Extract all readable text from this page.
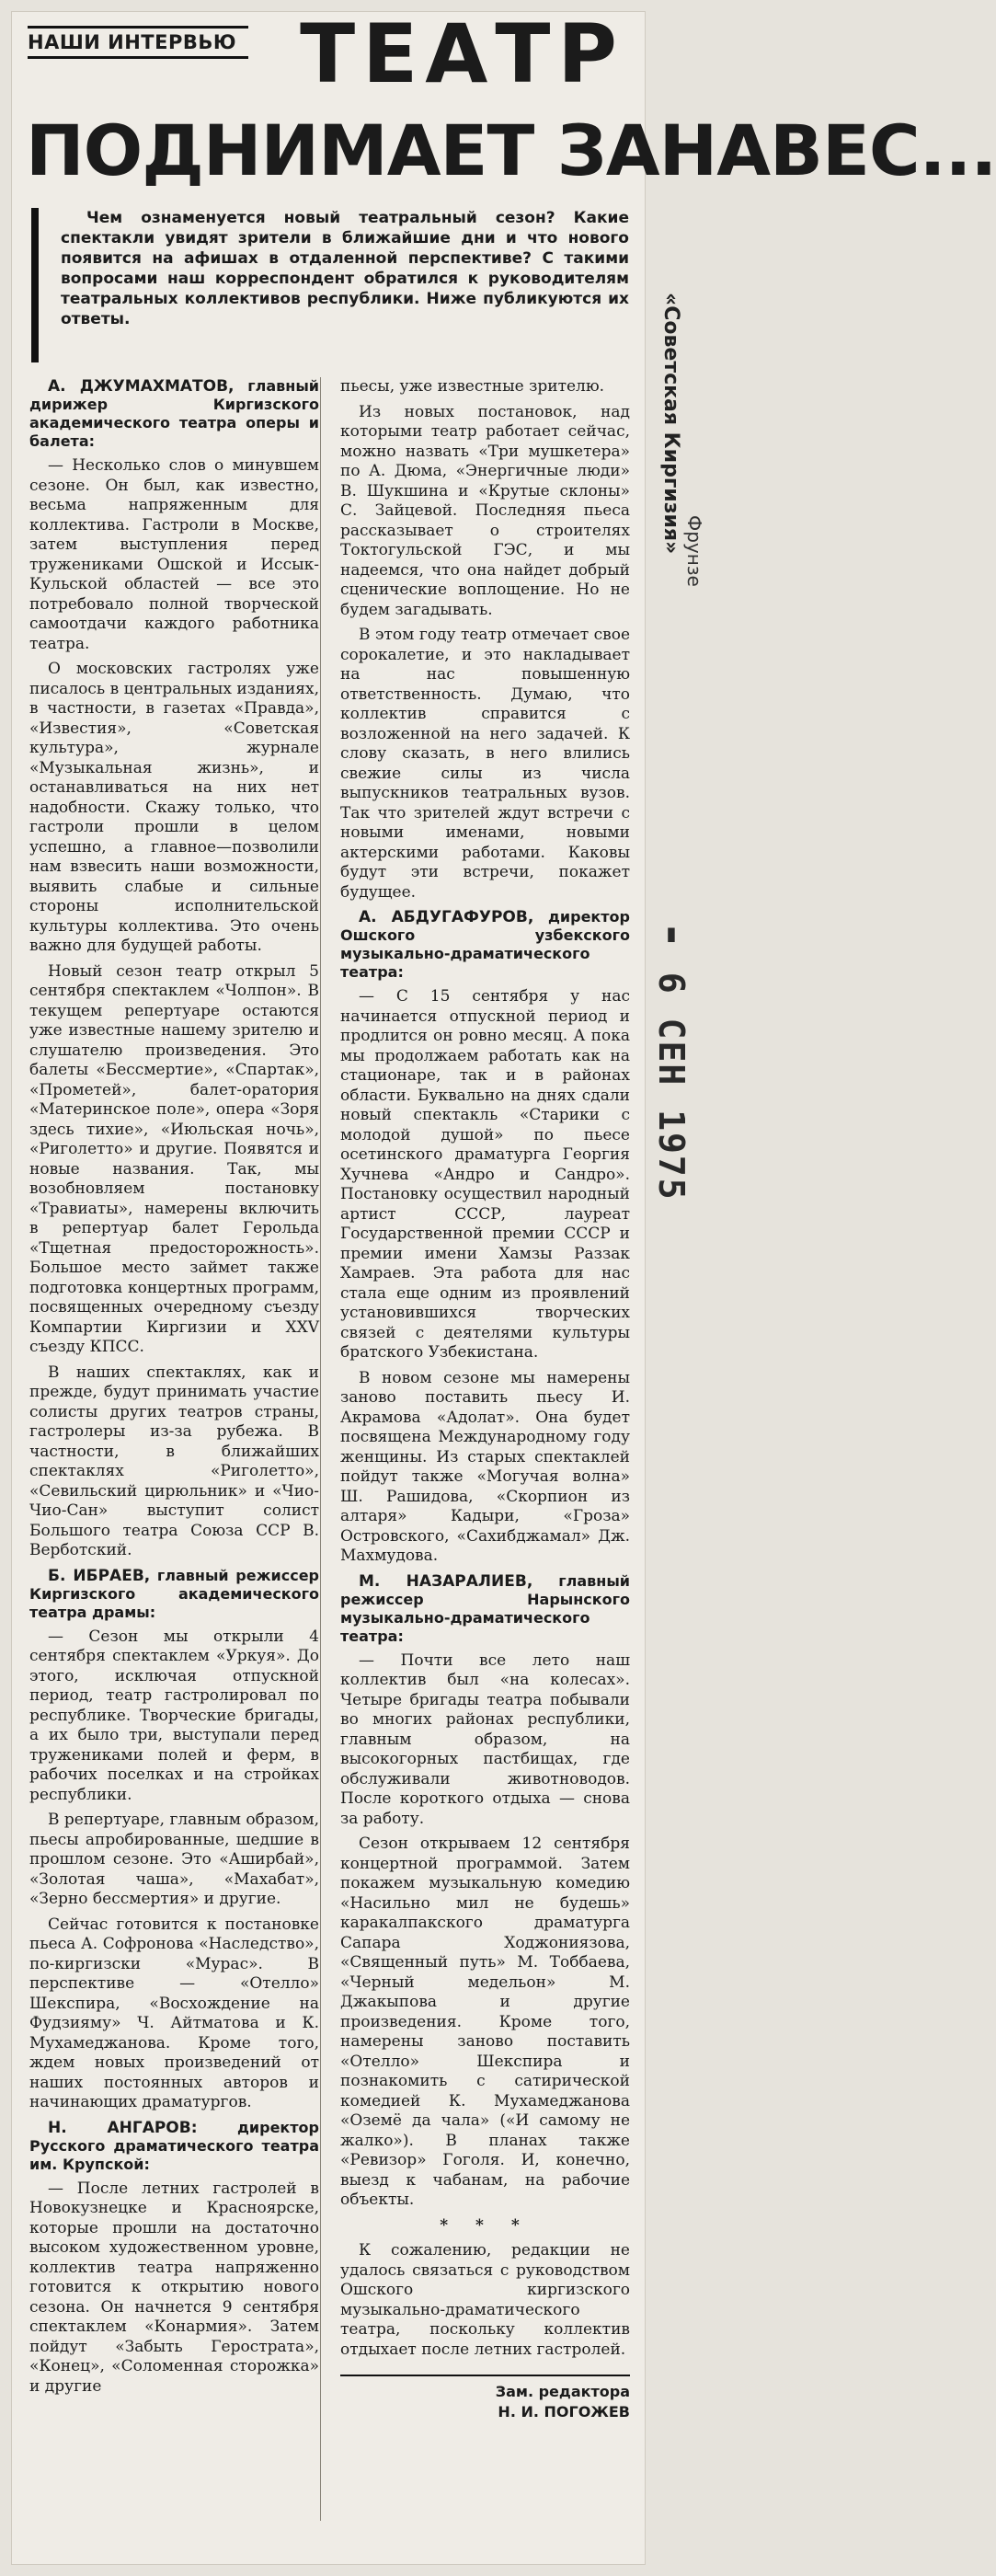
НАШИ ИНТЕРВЬЮ ТЕАТР
ПОДНИМАЕТ ЗАНАВЕС...

Чем ознаменуется новый театральный сезон? Какие спектакли увидят зрители в ближайшие дни и что нового появится на афишах в отдаленной перспективе? С такими вопросами наш корреспондент обратился к руководителям театральных коллективов республики. Ниже публикуются их ответы.

А. ДЖУМАХМАТОВ, главный дирижер Киргизского академического театра оперы и балета:

— Несколько слов о минувшем сезоне. Он был, как известно, весьма напряженным для коллектива. Гастроли в Москве, затем выступления перед тружениками Ошской и Иссык-Кульской областей — все это потребовало полной творческой самоотдачи каждого работника театра.

О московских гастролях уже писалось в центральных изданиях, в частности, в газетах «Правда», «Известия», «Советская культура», журнале «Музыкальная жизнь», и останавливаться на них нет надобности. Скажу только, что гастроли прошли в целом успешно, а главное—позволили нам взвесить наши возможности, выявить слабые и сильные стороны исполнительской культуры коллектива. Это очень важно для будущей работы.

Новый сезон театр открыл 5 сентября спектаклем «Чолпон». В текущем репертуаре остаются уже известные нашему зрителю и слушателю произведения. Это балеты «Бессмертие», «Спартак», «Прометей», балет-оратория «Материнское поле», опера «Зоря здесь тихие», «Июльская ночь», «Риголетто» и другие. Появятся и новые названия. Так, мы возобновляем постановку «Травиаты», намерены включить в репертуар балет Герольда «Тщетная предосторожность». Большое место займет также подготовка концертных программ, посвященных очередному съезду Компартии Киргизии и XXV съезду КПСС.

В наших спектаклях, как и прежде, будут принимать участие солисты других театров страны, гастролеры из-за рубежа. В частности, в ближайших спектаклях «Риголетто», «Севильский цирюльник» и «Чио-Чио-Сан» выступит солист Большого театра Союза ССР В. Верботский.

Б. ИБРАЕВ, главный режиссер Киргизского академического театра драмы:

— Сезон мы открыли 4 сентября спектаклем «Уркуя». До этого, исключая отпускной период, театр гастролировал по республике. Творческие бригады, а их было три, выступали перед тружениками полей и ферм, в рабочих поселках и на стройках республики.

В репертуаре, главным образом, пьесы апробированные, шедшие в прошлом сезоне. Это «Аширбай», «Золотая чаша», «Махабат», «Зерно бессмертия» и другие.

Сейчас готовится к постановке пьеса А. Софронова «Наследство», по-киргизски «Мурас». В перспективе — «Отелло» Шекспира, «Восхождение на Фудзияму» Ч. Айтматова и К. Мухамеджанова. Кроме того, ждем новых произведений от наших постоянных авторов и начинающих драматургов.

Н. АНГАРОВ:	директор Русского драматического театра им. Крупской:

— После летних гастролей в Новокузнецке и Красноярске, которые прошли на достаточно высоком художественном уровне, коллектив театра напряженно готовится к открытию нового сезона. Он начнется 9 сентября спектаклем «Конармия». Затем пойдут «Забыть Герострата», «Конец», «Соломенная сторожка» и другие

пьесы, уже известные зрителю.

Из новых постановок, над которыми театр работает сейчас, можно назвать «Три мушкетера» по А. Дюма, «Энергичные люди» В. Шукшина и «Крутые склоны» С. Зайцевой. Последняя пьеса рассказывает о строителях Токтогульской ГЭС, и мы надеемся, что она найдет добрый сценические воплощение. Но не будем загадывать.

В этом году театр отмечает свое сорокалетие, и это накладывает на нас повышенную ответственность. Думаю, что коллектив справится с возложенной на него задачей. К слову сказать, в него влились свежие силы из числа выпускников театральных вузов. Так что зрителей ждут встречи с новыми именами, новыми актерскими работами. Каковы будут эти встречи, покажет будущее.

А. АБДУГАФУРОВ, директор Ошского узбекского музыкально-драматического театра:

— С 15 сентября у нас начинается отпускной период и продлится он ровно месяц. А пока мы продолжаем работать как на стационаре, так и в районах области. Буквально на днях сдали новый спектакль «Старики с молодой душой» по пьесе осетинского драматурга Георгия Хучнева «Андро и Сандро». Постановку осуществил народный артист СССР, лауреат Государственной премии СССР и премии имени Хамзы Раззак Хамраев. Эта работа для нас стала еще одним из проявлений установившихся творческих связей с деятелями культуры братского Узбекистана.

В новом сезоне мы намерены заново поставить пьесу И. Акрамова «Адолат». Она будет посвящена Международному году женщины. Из старых спектаклей пойдут также «Могучая волна» Ш. Рашидова, «Скорпион из алтаря» Кадыри, «Гроза» Островского, «Сахибджамал» Дж. Махмудова.

М. НАЗАРАЛИЕВ, главный режиссер Нарынского музыкально-драматического театра:

— Почти все лето наш коллектив был «на колесах». Четыре бригады театра побывали во многих районах республики, главным образом, на высокогорных пастбищах, где обслуживали животноводов. После короткого отдыха — снова за работу.

Сезон открываем 12 сентября концертной программой. Затем покажем музыкальную комедию «Насильно мил не будешь» каракалпакского драматурга Сапара Ходжониязова, «Священный путь» М. Тоббаева, «Черный медельон» М. Джакыпова и другие произведения. Кроме того, намерены заново поставить «Отелло» Шекспира и познакомить с сатирической комедией К. Мухамеджанова «Оземё да чала» («И самому не жалко»). В планах также «Ревизор» Гоголя. И, конечно, выезд к чабанам, на рабочие объекты.

* * *

К сожалению, редакции не удалось связаться с руководством Ошского киргизского музыкально-драматического театра, поскольку коллектив отдыхает после летних гастролей.

Зам. редактора
Н. И. ПОГОЖЕВ
«Советская Киргизия» Фрунзе
▮ 6 СЕН 1975
